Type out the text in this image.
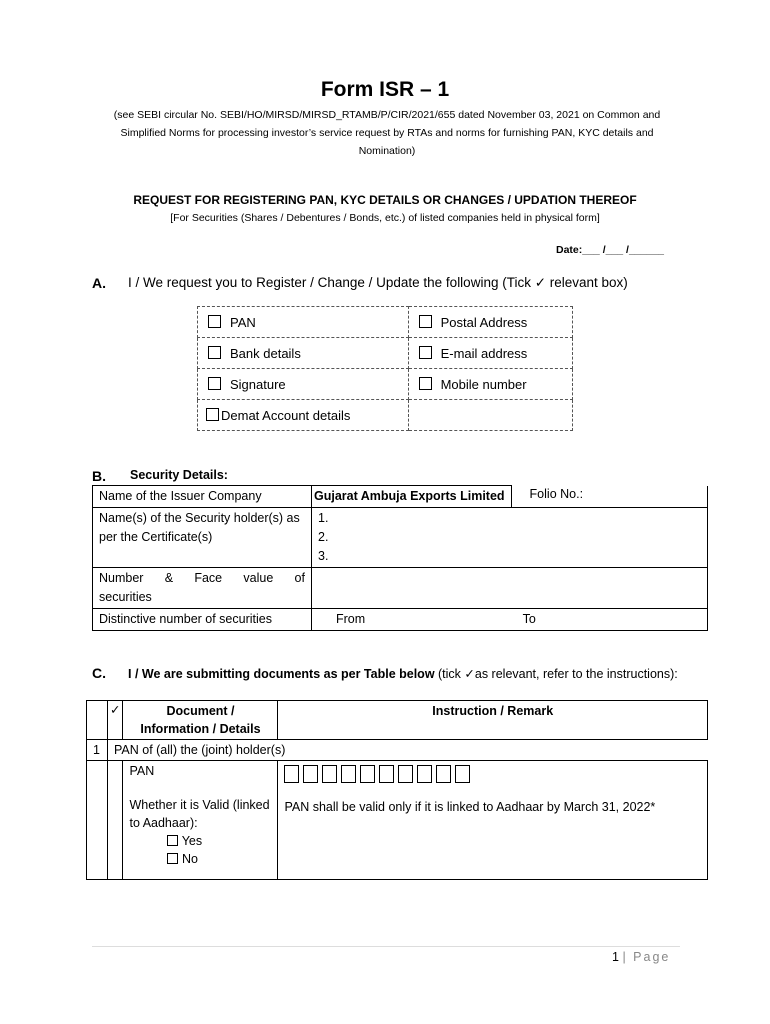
Form ISR – 1
(see SEBI circular No. SEBI/HO/MIRSD/MIRSD_RTAMB/P/CIR/2021/655 dated November 03, 2021 on Common and Simplified Norms for processing investor’s service request by RTAs and norms for furnishing PAN, KYC details and Nomination)
REQUEST FOR REGISTERING PAN, KYC DETAILS OR CHANGES / UPDATION THEREOF
[For Securities (Shares / Debentures / Bonds, etc.) of listed companies held in physical form]
Date:___ /___ /______
A. I / We request you to Register / Change / Update the following (Tick ✓ relevant box)
PAN	Postal Address
Bank details	E-mail address
Signature	Mobile number
Demat Account details	
B. Security Details:
Name of the Issuer Company	Gujarat Ambuja Exports Limited	Folio No.:
Name(s) of the Security holder(s) as per the Certificate(s)	1.
2.
3.	

Number & Face value of securities		
Distinctive number of securities	From To	
C. I / We are submitting documents as per Table below (tick ✓as relevant, refer to the instructions):
	✓	Document / Information / Details	Instruction / Remark
1	PAN of (all) the (joint) holder(s)		

		PAN
Whether it is Valid (linked to Aadhaar):
Yes
No	PAN shall be valid only if it is linked to Aadhaar by March 31, 2022*
1 | Page
